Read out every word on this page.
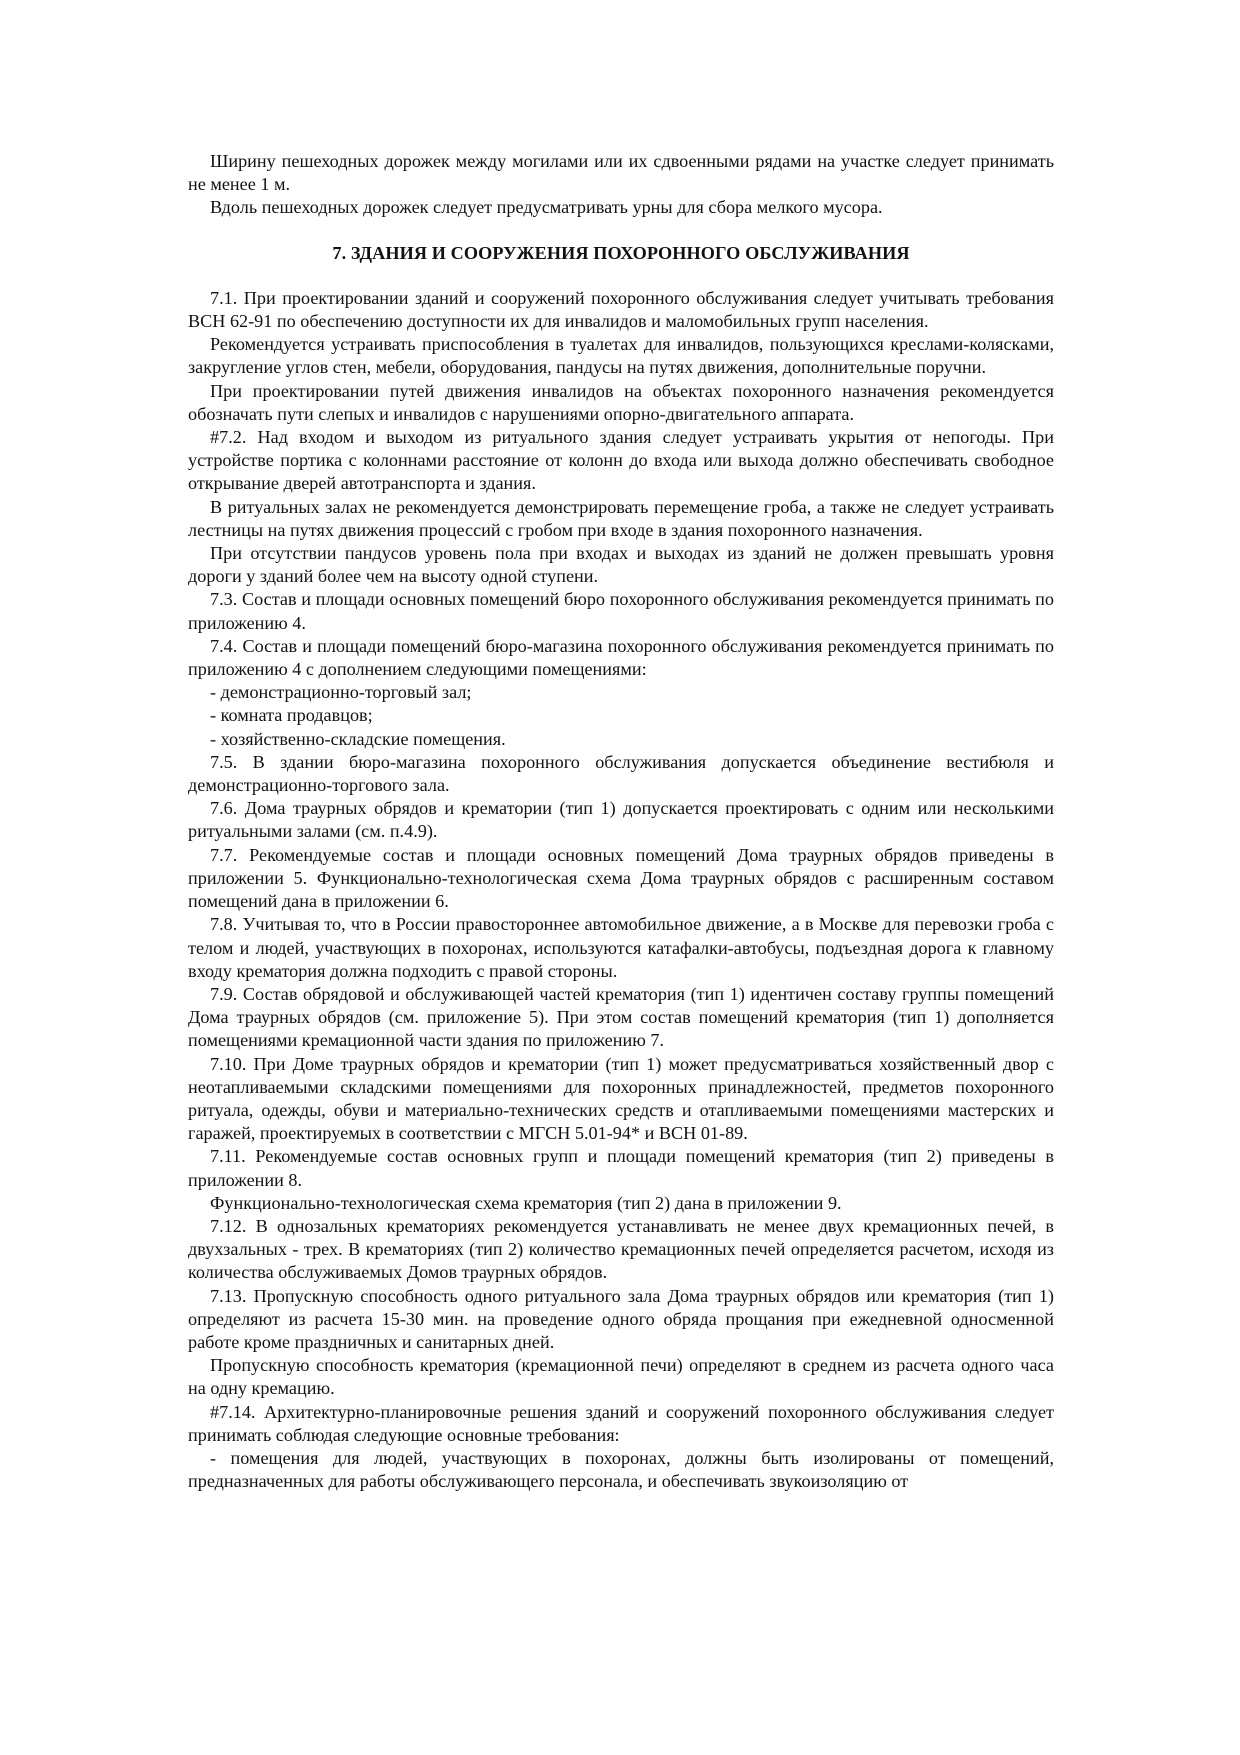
Ширину пешеходных дорожек между могилами или их сдвоенными рядами на участке следует принимать не менее 1 м.

Вдоль пешеходных дорожек следует предусматривать урны для сбора мелкого мусора.

7. ЗДАНИЯ И СООРУЖЕНИЯ ПОХОРОННОГО ОБСЛУЖИВАНИЯ

7.1. При проектировании зданий и сооружений похоронного обслуживания следует учитывать требования ВСН 62-91 по обеспечению доступности их для инвалидов и маломобильных групп населения.

Рекомендуется устраивать приспособления в туалетах для инвалидов, пользующихся креслами-колясками, закругление углов стен, мебели, оборудования, пандусы на путях движения, дополнительные поручни.

При проектировании путей движения инвалидов на объектах похоронного назначения рекомендуется обозначать пути слепых и инвалидов с нарушениями опорно-двигательного аппарата.

#7.2. Над входом и выходом из ритуального здания следует устраивать укрытия от непогоды. При устройстве портика с колоннами расстояние от колонн до входа или выхода должно обеспечивать свободное открывание дверей автотранспорта и здания.

В ритуальных залах не рекомендуется демонстрировать перемещение гроба, а также не следует устраивать лестницы на путях движения процессий с гробом при входе в здания похоронного назначения.

При отсутствии пандусов уровень пола при входах и выходах из зданий не должен превышать уровня дороги у зданий более чем на высоту одной ступени.

7.3. Состав и площади основных помещений бюро похоронного обслуживания рекомендуется принимать по приложению 4.

7.4. Состав и площади помещений бюро-магазина похоронного обслуживания рекомендуется принимать по приложению 4 с дополнением следующими помещениями:

- демонстрационно-торговый зал;

- комната продавцов;

- хозяйственно-складские помещения.

7.5. В здании бюро-магазина похоронного обслуживания допускается объединение вестибюля и демонстрационно-торгового зала.

7.6. Дома траурных обрядов и крематории (тип 1) допускается проектировать с одним или несколькими ритуальными залами (см. п.4.9).

7.7. Рекомендуемые состав и площади основных помещений Дома траурных обрядов приведены в приложении 5. Функционально-технологическая схема Дома траурных обрядов с расширенным составом помещений дана в приложении 6.

7.8. Учитывая то, что в России правостороннее автомобильное движение, а в Москве для перевозки гроба с телом и людей, участвующих в похоронах, используются катафалки-автобусы, подъездная дорога к главному входу крематория должна подходить с правой стороны.

7.9. Состав обрядовой и обслуживающей частей крематория (тип 1) идентичен составу группы помещений Дома траурных обрядов (см. приложение 5). При этом состав помещений крематория (тип 1) дополняется помещениями кремационной части здания по приложению 7.

7.10. При Доме траурных обрядов и крематории (тип 1) может предусматриваться хозяйственный двор с неотапливаемыми складскими помещениями для похоронных принадлежностей, предметов похоронного ритуала, одежды, обуви и материально-технических средств и отапливаемыми помещениями мастерских и гаражей, проектируемых в соответствии с МГСН 5.01-94* и ВСН 01-89.

7.11. Рекомендуемые состав основных групп и площади помещений крематория (тип 2) приведены в приложении 8.

Функционально-технологическая схема крематория (тип 2) дана в приложении 9.

7.12. В однозальных крематориях рекомендуется устанавливать не менее двух кремационных печей, в двухзальных - трех. В крематориях (тип 2) количество кремационных печей определяется расчетом, исходя из количества обслуживаемых Домов траурных обрядов.

7.13. Пропускную способность одного ритуального зала Дома траурных обрядов или крематория (тип 1) определяют из расчета 15-30 мин. на проведение одного обряда прощания при ежедневной односменной работе кроме праздничных и санитарных дней.

Пропускную способность крематория (кремационной печи) определяют в среднем из расчета одного часа на одну кремацию.

#7.14. Архитектурно-планировочные решения зданий и сооружений похоронного обслуживания следует принимать соблюдая следующие основные требования:

- помещения для людей, участвующих в похоронах, должны быть изолированы от помещений, предназначенных для работы обслуживающего персонала, и обеспечивать звукоизоляцию от
